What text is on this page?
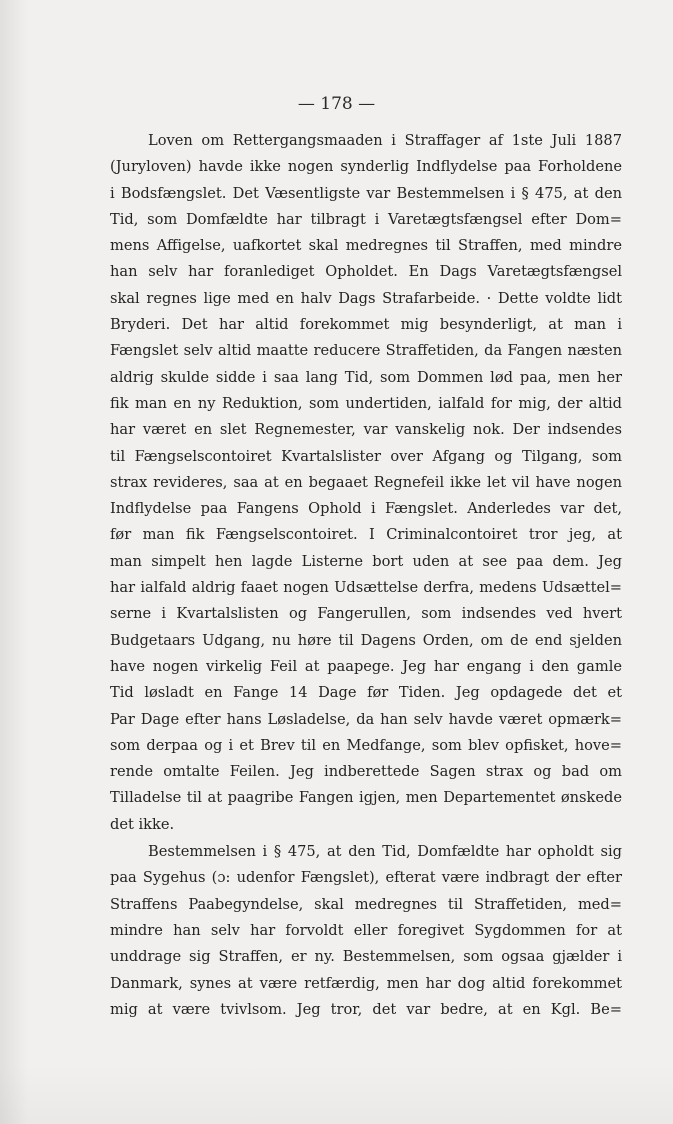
— 178 —
Loven om Rettergangsmaaden i Straffager af 1ste Juli 1887
(Juryloven) havde ikke nogen synderlig Indflydelse paa Forholdene
i Bodsfængslet. Det Væsentligste var Bestemmelsen i § 475, at den
Tid, som Domfældte har tilbragt i Varetægtsfængsel efter Dom=
mens Affigelse, uafkortet skal medregnes til Straffen, med mindre
han selv har foranlediget Opholdet. En Dags Varetægtsfængsel
skal regnes lige med en halv Dags Strafarbeide. · Dette voldte lidt
Bryderi. Det har altid forekommet mig besynderligt, at man i
Fængslet selv altid maatte reducere Straffetiden, da Fangen næsten
aldrig skulde sidde i saa lang Tid, som Dommen lød paa, men her
fik man en ny Reduktion, som undertiden, ialfald for mig, der altid
har været en slet Regnemester, var vanskelig nok. Der indsendes
til Fængselscontoiret Kvartalslister over Afgang og Tilgang, som
strax revideres, saa at en begaaet Regnefeil ikke let vil have nogen
Indflydelse paa Fangens Ophold i Fængslet. Anderledes var det,
før man fik Fængselscontoiret. I Criminalcontoiret tror jeg, at
man simpelt hen lagde Listerne bort uden at see paa dem. Jeg
har ialfald aldrig faaet nogen Udsættelse derfra, medens Udsættel=
serne i Kvartalslisten og Fangerullen, som indsendes ved hvert
Budgetaars Udgang, nu høre til Dagens Orden, om de end sjelden
have nogen virkelig Feil at paapege. Jeg har engang i den gamle
Tid løsladt en Fange 14 Dage før Tiden. Jeg opdagede det et
Par Dage efter hans Løsladelse, da han selv havde været opmærk=
som derpaa og i et Brev til en Medfange, som blev opfisket, hove=
rende omtalte Feilen. Jeg indberettede Sagen strax og bad om
Tilladelse til at paagribe Fangen igjen, men Departementet ønskede
det ikke.
Bestemmelsen i § 475, at den Tid, Domfældte har opholdt sig
paa Sygehus (ɔ: udenfor Fængslet), efterat være indbragt der efter
Straffens Paabegyndelse, skal medregnes til Straffetiden, med=
mindre han selv har forvoldt eller foregivet Sygdommen for at
unddrage sig Straffen, er ny. Bestemmelsen, som ogsaa gjælder i
Danmark, synes at være retfærdig, men har dog altid forekommet
mig at være tvivlsom. Jeg tror, det var bedre, at en Kgl. Be=
